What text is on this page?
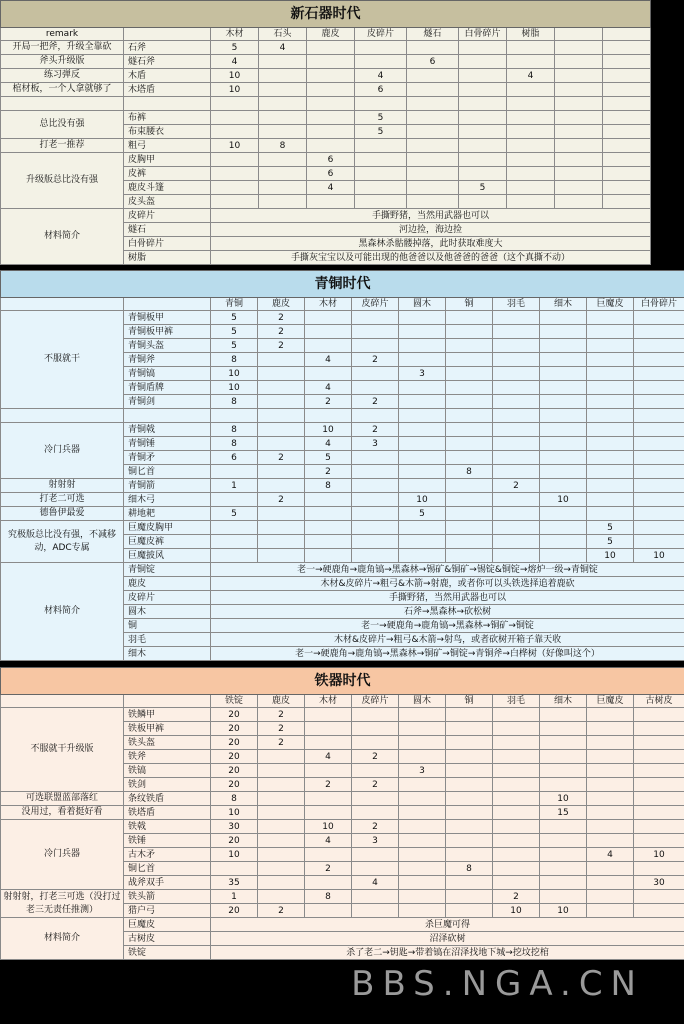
新石器时代										
remark		木材	石头	鹿皮	皮碎片	燧石	白骨碎片	树脂		
开局一把斧，升级全靠砍	石斧	5	4							
斧头升级版	燧石斧	4				6				
练习弹反	木盾	10			4			4		
棺材板，一个人拿就够了	木塔盾	10			6					

总比没有强	布裤				5					
	布束腰衣				5					
打老一推荐	粗弓	10	8							
升级版总比没有强	皮胸甲			6						
	皮裤			6						
	鹿皮斗篷			4			5			
	皮头盔									
材料简介	皮碎片	手撕野猪，当然用武器也可以								
	燧石	河边捡，海边捡								
	白骨碎片	黑森林杀骷髅掉落，此时获取难度大								
	树脂	手撕灰宝宝以及可能出现的他爸爸以及他爸爸的爸爸（这个真撕不动）								
青铜时代											
		青铜	鹿皮	木材	皮碎片	圆木	铜	羽毛	细木	巨魔皮	白骨碎片
不服就干	青铜板甲	5	2								
	青铜板甲裤	5	2								
	青铜头盔	5	2								
	青铜斧	8		4	2						
	青铜镐	10				3					
	青铜盾牌	10		4							
	青铜剑	8		2	2						

冷门兵器	青铜戟	8		10	2						
	青铜锤	8		4	3						
	青铜矛	6	2	5							
	铜匕首			2			8				
射射射	青铜箭	1		8				2			
打老二可选	细木弓		2			10			10		
德鲁伊最爱	耕地耙	5				5					
究极版总比没有强，不减移动，ADC专属	巨魔皮胸甲									5	
	巨魔皮裤									5	
	巨魔披风									10	10
材料简介	青铜锭	老一→硬鹿角→鹿角镐→黑森林→锡矿&铜矿→锡锭&铜锭→熔炉一级→青铜锭									
	鹿皮	木材&皮碎片→粗弓&木箭→射鹿，或者你可以头铁选择追着鹿砍									
	皮碎片	手撕野猪，当然用武器也可以									
	圆木	石斧→黑森林→砍松树									
	铜	老一→硬鹿角→鹿角镐→黑森林→铜矿→铜锭									
	羽毛	木材&皮碎片→粗弓&木箭→射鸟，或者砍树开箱子靠天收									
	细木	老一→硬鹿角→鹿角镐→黑森林→铜矿→铜锭→青铜斧→白桦树（好像叫这个）									
铁器时代											
		铁锭	鹿皮	木材	皮碎片	圆木	铜	羽毛	细木	巨魔皮	古树皮
不服就干升级版	铁鳞甲	20	2								
	铁板甲裤	20	2								
	铁头盔	20	2								
	铁斧	20		4	2						
	铁镐	20				3					
	铁剑	20		2	2						
可选联盟蓝部落红	条纹铁盾	8							10		
没用过，看着挺好看	铁塔盾	10							15		
冷门兵器	铁戟	30		10	2						
	铁锤	20		4	3						
	古木矛	10								4	10
	铜匕首			2			8				
	战斧双手	35			4						30
射射射，打老三可选（没打过老三无责任推测）	铁头箭	1		8				2			
	猎户弓	20	2					10	10		
材料简介	巨魔皮	杀巨魔可得									
	古树皮	沼泽砍树									
	铁锭	杀了老二→钥匙→带着镐在沼泽找地下城→挖坟挖棺									
BBS.NGA.CN
